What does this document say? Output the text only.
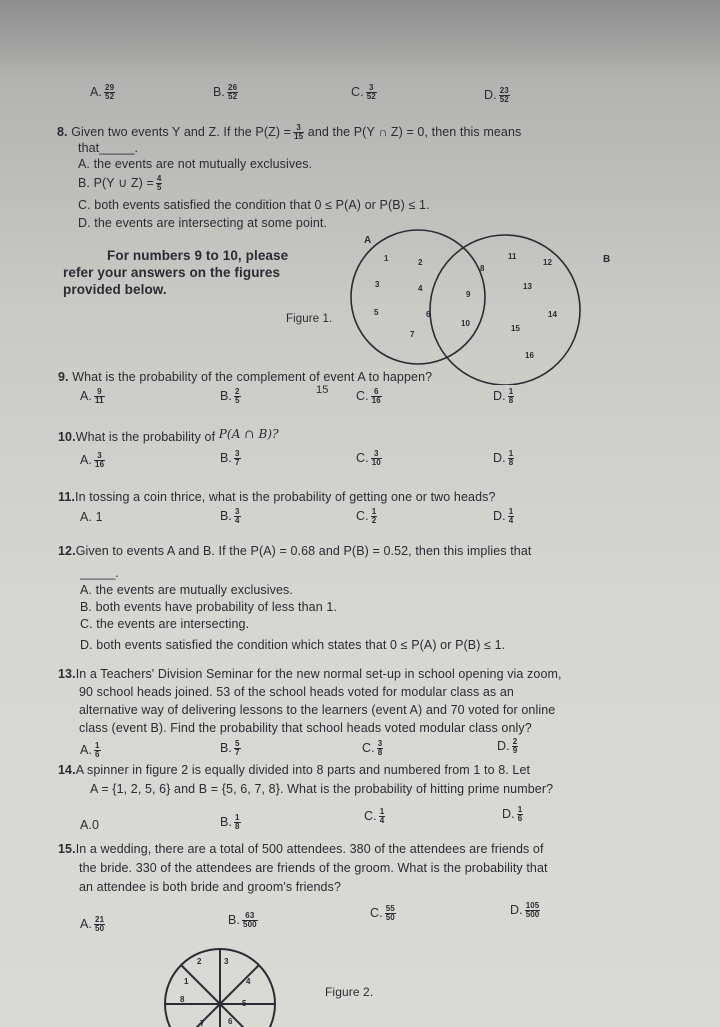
A. $\frac{29}{52}$	B. $\frac{26}{52}$	C. $\frac{3}{52}$	D. $\frac{23}{52}$
8. Given two events Y and Z. If the $P(Z) = \frac{3}{15}$ and the P(Y ∩ Z) = 0, then this means
that_____.
A. the events are not mutually exclusives.
B. P(Y ∪ $Z) = \frac{4}{5}$
C. both events satisfied the condition that 0 ≤ P(A) or P(B) ≤ 1.
D. the events are intersecting at some point.
For numbers 9 to 10, please
refer your answers on the figures
provided below.
Figure 1.
A
B
1	2
3	4
5	6
7
8
9
10
11
12
13
14
15
16
9. What is the probability of the complement of event A to happen?
15
A. $\frac{9}{11}$	B. $\frac{2}{5}$	C. $\frac{6}{16}$	D. $\frac{1}{8}$
10.What is the probability of P(A ∩ B)?
A. $\frac{3}{16}$	B. $\frac{3}{7}$	C. $\frac{3}{10}$	D. $\frac{1}{8}$
11.In tossing a coin thrice, what is the probability of getting one or two heads?
A. 1	B. $\frac{3}{4}$	C. $\frac{1}{2}$	D. $\frac{1}{4}$
12.Given to events A and B. If the P(A) = 0.68 and P(B) = 0.52, then this implies that
_____.
A. the events are mutually exclusives.
B. both events have probability of less than 1.
C. the events are intersecting.
D. both events satisfied the condition which states that 0 ≤ P(A) or P(B) ≤ 1.
13.In a Teachers' Division Seminar for the new normal set-up in school opening via zoom,
90 school heads joined. 53 of the school heads voted for modular class as an
alternative way of delivering lessons to the learners (event A) and 70 voted for online
class (event B). Find the probability that school heads voted modular class only?
A. $\frac{1}{6}$	B. $\frac{5}{7}$	C. $\frac{3}{8}$	D. $\frac{2}{9}$
14.A spinner in figure 2 is equally divided into 8 parts and numbered from 1 to 8. Let
A = {1, 2, 5, 6} and B = {5, 6, 7, 8}. What is the probability of hitting prime number?
A.0	B. $\frac{1}{8}$	C. $\frac{1}{4}$	D. $\frac{1}{6}$
15.In a wedding, there are a total of 500 attendees. 380 of the attendees are friends of
the bride. 330 of the attendees are friends of the groom. What is the probability that
an attendee is both bride and groom's friends?
A. $\frac{21}{50}$	B. $\frac{63}{500}$	C. $\frac{55}{50}$	D. $\frac{105}{500}$
2	3
4
5
6
7
8
1
Figure 2.
